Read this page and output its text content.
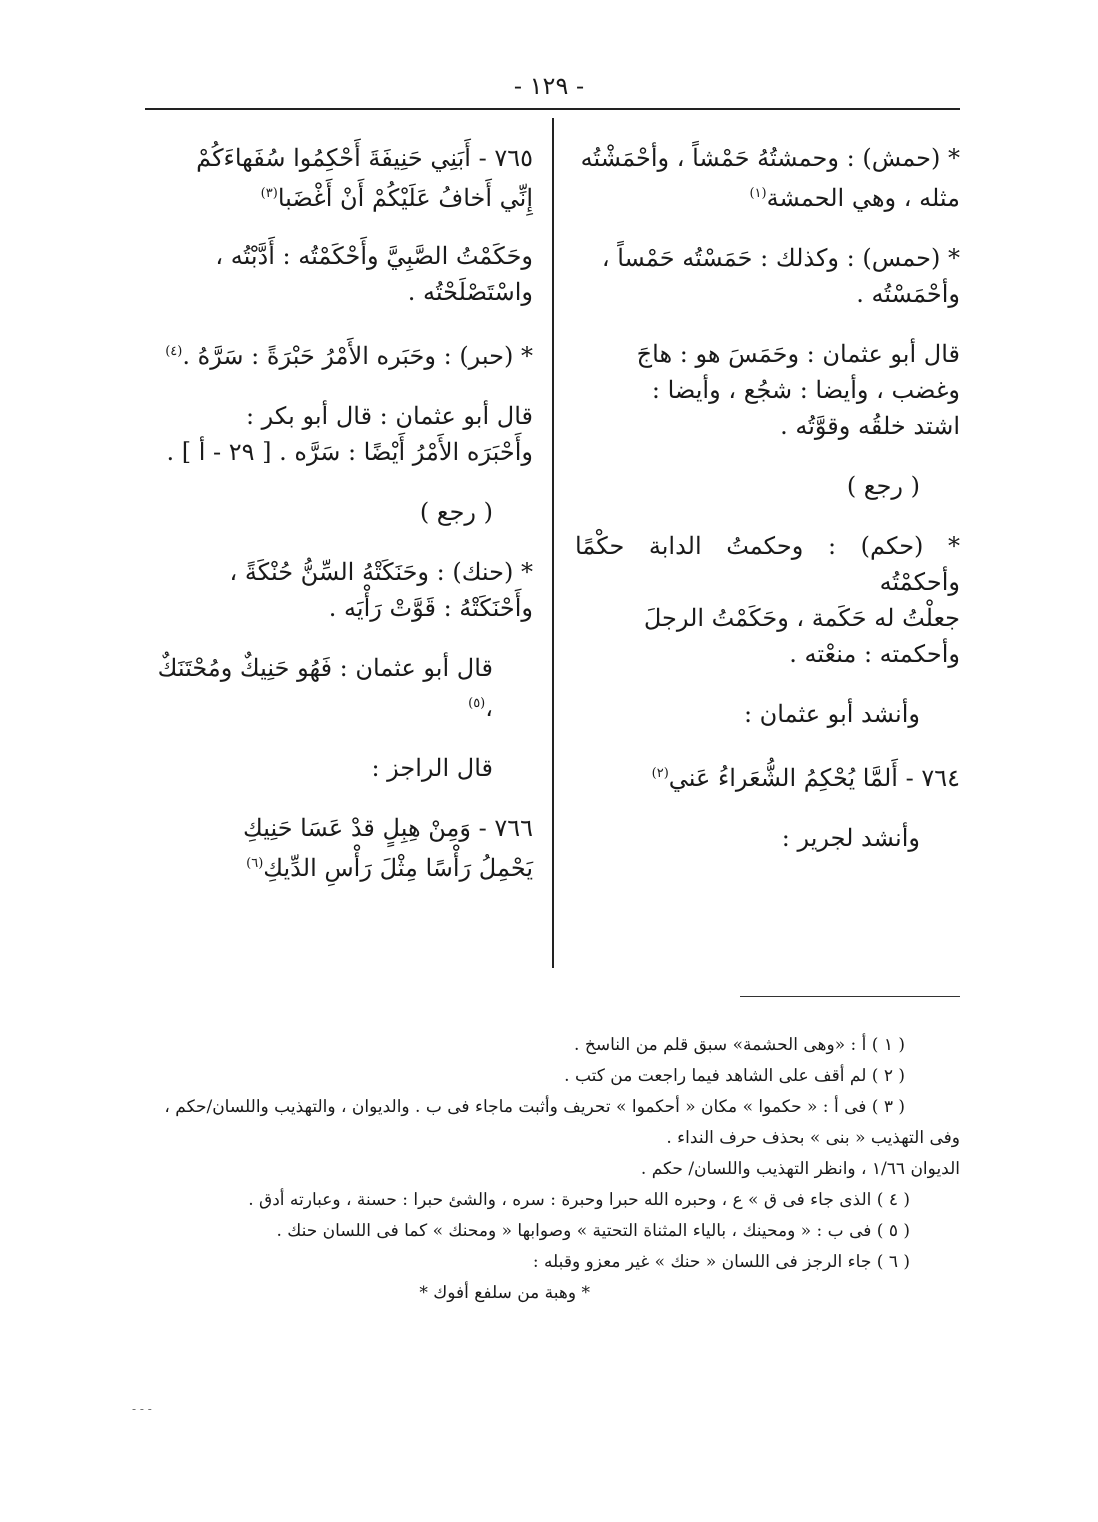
- ١٢٩ -
* (حمش) : وحمشتُهُ حَمْشاً ، وأحْمَشْتُه
مثله ، وهي الحمشة$^{(١)}$
* (حمس) : وكذلك : حَمَسْتُه حَمْساً ،
وأحْمَسْتُه .
قال أبو عثمان : وحَمَسَ هو : هاجَ
وغضب ، وأيضا : شجُع ، وأيضا :
اشتد خلقُه وقوَّتُه .
( رجع )
* (حكم) : وحكمتُ الدابة حكْمًا وأحكمْتُه
جعلْتُ له حَكَمة ، وحَكَمْتُ الرجلَ
وأحكمته : منعْته .
وأنشد أبو عثمان :
٧٦٤ - أَلمَّا يُحْكِمُ الشُّعَراءُ عَني$^{(٢)}$
وأنشد لجرير :
٧٦٥ - أَبَنِي حَنِيفَةَ أَحْكِمُوا سُفَهاءَكُمْ
إِنِّي أَخافُ عَلَيْكُمْ أَنْ أَغْضَبا$^{(٣)}$
وحَكَمْتُ الصَّبِيَّ وأَحْكَمْتُه : أَدَّبْتُه ،
واسْتَصْلَحْتُه .
* (حبر) : وحَبَره الأَمْرُ حَبْرَةً : سَرَّهُ .$^{(٤)}$
قال أبو عثمان : قال أبو بكر :
وأَحْبَرَه الأَمْرُ أَيْضًا : سَرَّه . [ ٢٩ - أ ] .
( رجع )
* (حنك) : وحَنَكَتْهُ السِّنُّ حُنْكَةً ،
وأَحْنَكَتْهُ : قَوَّتْ رَأْيَه .
قال أبو عثمان : فَهُو حَنِيكٌ ومُحْتَنَكٌ ،$^{(٥)}$
قال الراجز :
٧٦٦ - وَمِنْ هِبِلٍ قدْ عَسَا حَنِيكِ
يَحْمِلُ رَأْسًا مِثْلَ رَأْسِ الدِّيكِ$^{(٦)}$
( ١ ) أ : «وهى الحشمة» سبق قلم من الناسخ .
( ٢ ) لم أقف على الشاهد فيما راجعت من كتب .
( ٣ ) فى أ : « حكموا » مكان « أحكموا » تحريف وأثبت ماجاء فى ب . والديوان ، والتهذيب واللسان/حكم ،
وفى التهذيب « بنى » بحذف حرف النداء .
الديوان ١/٦٦ ، وانظر التهذيب واللسان/ حكم .
( ٤ ) الذى جاء فى ق » ع ، وحبره الله حبرا وحبرة : سره ، والشئ حبرا : حسنة ، وعبارته أدق .
( ٥ ) فى ب : « ومحينك ، بالياء المثناة التحتية » وصوابها « ومحنك » كما فى اللسان حنك .
( ٦ ) جاء الرجز فى اللسان « حنك » غير معزو وقبله :
* وهبة من سلفع أفوك *
- - -
